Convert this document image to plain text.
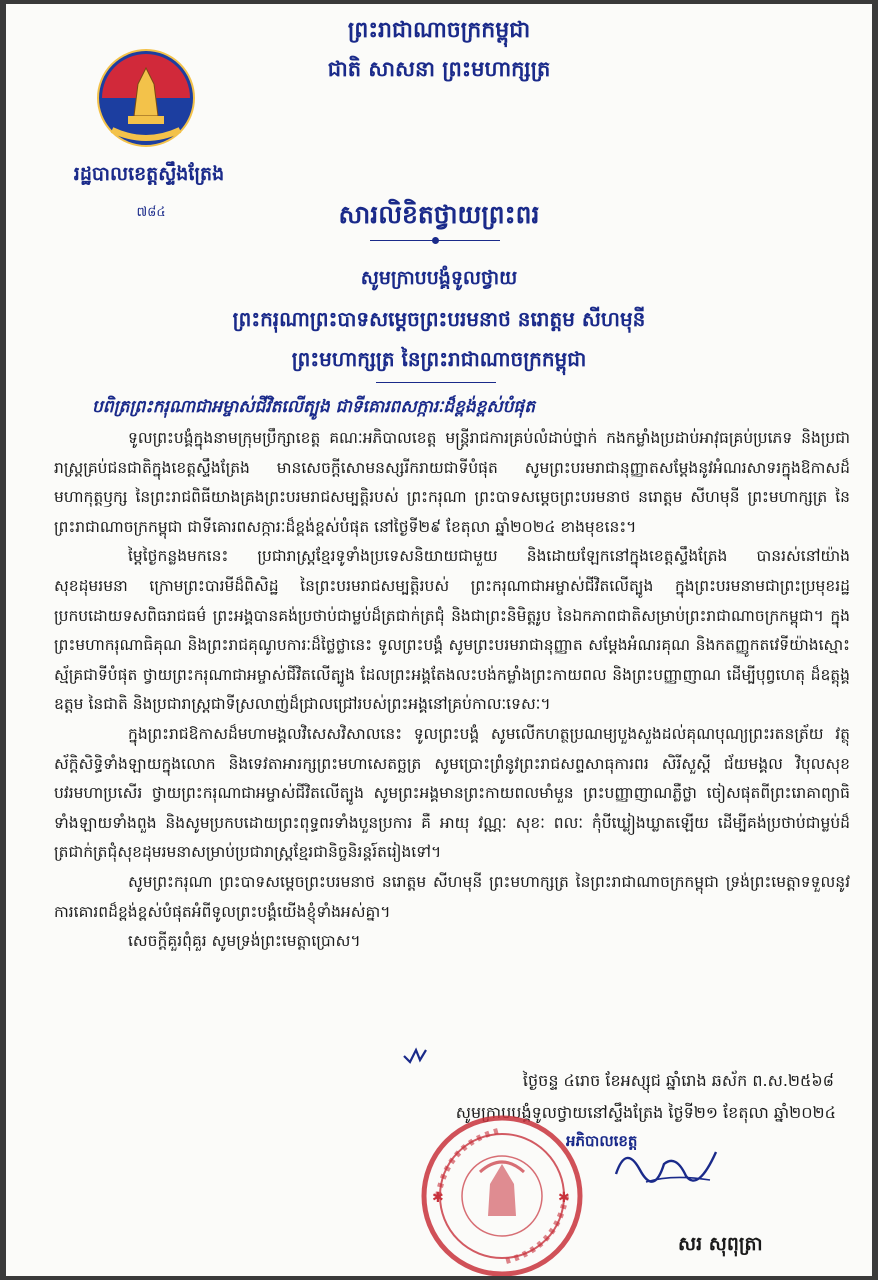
ព្រះរាជាណាចក្រកម្ពុជា
ជាតិ សាសនា ព្រះមហាក្សត្រ
រដ្ឋបាលខេត្តស្ទឹងត្រែង
៧៨៤	សារលិខិតថ្វាយព្រះពរ
សូមក្រាបបង្គំទូលថ្វាយ
ព្រះករុណាព្រះបាទសម្តេចព្រះបរមនាថ នរោត្តម សីហមុនី
ព្រះមហាក្សត្រ នៃព្រះរាជាណាចក្រកម្ពុជា
បពិត្រព្រះករុណាជាអម្ចាស់ជីវិតលើត្បូង ជាទីគោរពសក្ការៈដ៏ខ្ពង់ខ្ពស់បំផុត

ទូលព្រះបង្គំក្នុងនាមក្រុមប្រឹក្សាខេត្ត គណៈអភិបាលខេត្ត មន្រ្តីរាជការគ្រប់លំដាប់ថ្នាក់ កងកម្លាំងប្រដាប់អាវុធគ្រប់ប្រភេទ និងប្រជារាស្រ្តគ្រប់ជនជាតិក្នុងខេត្តស្ទឹងត្រែង មានសេចក្តីសោមនស្សរីករាយជាទីបំផុត សូមព្រះបរមរាជានុញ្ញាតសម្តែងនូវអំណរសាទរក្នុងឱកាសដ៏មហាកុត្តឫក្ស នៃព្រះរាជពិធីយាងគ្រងព្រះបរមរាជសម្បត្តិរបស់ ព្រះករុណា ព្រះបាទសម្តេចព្រះបរមនាថ នរោត្តម សីហមុនី ព្រះមហាក្សត្រ នៃព្រះរាជាណាចក្រកម្ពុជា ជាទីគោរពសក្ការៈដ៏ខ្ពង់ខ្ពស់បំផុត នៅថ្ងៃទី២៩ ខែតុលា ឆ្នាំ២០២៤ ខាងមុខនេះ។

ម្តៃថ្ងៃកន្លងមកនេះ ប្រជារាស្រ្តខ្មែរទូទាំងប្រទេសនិយាយជាមួយ និងដោយឡែកនៅក្នុងខេត្តស្ទឹងត្រែង បានរស់នៅយ៉ាងសុខដុមរមនា ក្រោមព្រះបារមីដ៏ពិសិដ្ឋ នៃព្រះបរមរាជសម្បត្តិរបស់ ព្រះករុណាជាអម្ចាស់ជីវិតលើត្បូង ក្នុងព្រះបរមនាមជាព្រះប្រមុខរដ្ឋ ប្រកបដោយទសពិធរាជធម៌ ព្រះអង្គបានគង់ប្រថាប់ជាម្លប់ដ៏ត្រជាក់ត្រជុំ និងជាព្រះនិមិត្តរូប នៃឯកភាពជាតិសម្រាប់ព្រះរាជាណាចក្រកម្ពុជា។ ក្នុងព្រះមហាករុណាធិគុណ និងព្រះរាជគុណូបការៈដ៏ថ្លៃថ្លានេះ ទូលព្រះបង្គំ សូមព្រះបរមរាជានុញ្ញាត សម្តែងអំណរគុណ និងកតញ្ញូកតវេទីយ៉ាងស្មោះស្ម័គ្រជាទីបំផុត ថ្វាយព្រះករុណាជាអម្ចាស់ជីវិតលើត្បូង ដែលព្រះអង្គតែងលះបង់កម្លាំងព្រះកាយពល និងព្រះបញ្ញាញាណ ដើម្បីបុព្វហេតុ ដ៏ឧត្តុង្គឧត្តម នៃជាតិ និងប្រជារាស្រ្តជាទីស្រលាញ់ដ៏ជ្រាលជ្រៅរបស់ព្រះអង្គនៅគ្រប់កាលៈទេសៈ។

ក្នុងព្រះរាជឱកាសដ៏មហាមង្គលវិសេសវិសាលនេះ ទូលព្រះបង្គំ សូមលើកហត្ថប្រណម្យបួងសួងដល់គុណបុណ្យព្រះរតនត្រ័យ វត្ថុស័ក្តិសិទ្ធិទាំងឡាយក្នុងលោក និងទេវតាអារក្សព្រះមហាសេតច្ឆត្រ សូមប្រោះព្រំនូវព្រះរាជសព្ទសាធុការពរ សិរីសួស្តី ជ័យមង្គល វិបុលសុខ បវរមហាប្រសើរ ថ្វាយព្រះករុណាជាអម្ចាស់ជីវិតលើត្បូង សូមព្រះអង្គមានព្រះកាយពលមាំមួន ព្រះបញ្ញាញាណភ្លឺថ្លា ចៀសផុតពីព្រះរោគាព្យាធិទាំងឡាយទាំងពួង និងសូមប្រកបដោយព្រះពុទ្ធពរទាំងបួនប្រការ គឺ អាយុ វណ្ណៈ សុខៈ ពលៈ កុំបីឃ្លៀងឃ្លាតឡើយ ដើម្បីគង់ប្រថាប់ជាម្លប់ដ៏ត្រជាក់ត្រជុំសុខដុមរមនាសម្រាប់ប្រជារាស្រ្តខ្មែរជានិច្ចនិរន្តរ៍តរៀងទៅ។

សូមព្រះករុណា ព្រះបាទសម្តេចព្រះបរមនាថ នរោត្តម សីហមុនី ព្រះមហាក្សត្រ នៃព្រះរាជាណាចក្រកម្ពុជា ទ្រង់ព្រះមេត្តាទទួលនូវការគោរពដ៏ខ្ពង់ខ្ពស់បំផុតអំពីទូលព្រះបង្គំយើងខ្ញុំទាំងអស់គ្នា។

សេចក្តីគួរពុំគួរ សូមទ្រង់ព្រះមេត្តាប្រោស។

ថ្ងៃចន្ទ ៤រោច ខែអស្សុជ ឆ្នាំរោង ឆស័ក ព.ស.២៥៦៨
សូមក្រាបបង្គំទូលថ្វាយនៅស្ទឹងត្រែង ថ្ងៃទី២១ ខែតុលា ឆ្នាំ២០២៤
✱	✱
អភិបាលខេត្ត
សរ សុពុត្រា
